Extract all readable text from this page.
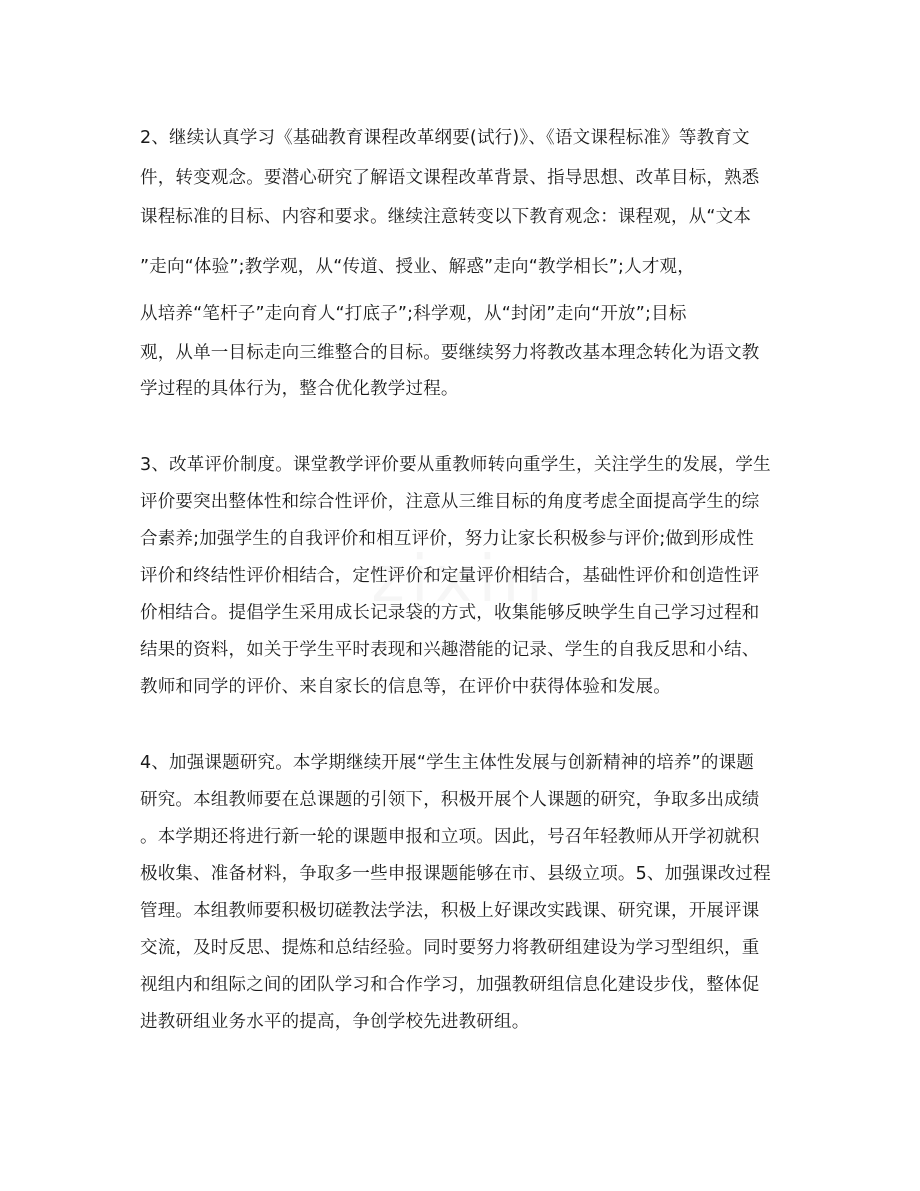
2、继续认真学习《基础教育课程改革纲要(试行)》、《语文课程标准》等教育文
件，转变观念。要潜心研究了解语文课程改革背景、指导思想、改革目标，熟悉
课程标准的目标、内容和要求。继续注意转变以下教育观念：课程观，从“文本
”走向“体验”;教学观，从“传道、授业、解惑”走向“教学相长”;人才观，
从培养“笔杆子”走向育人“打底子”;科学观，从“封闭”走向“开放”;目标
观，从单一目标走向三维整合的目标。要继续努力将教改基本理念转化为语文教
学过程的具体行为，整合优化教学过程。
3、改革评价制度。课堂教学评价要从重教师转向重学生，关注学生的发展，学生
评价要突出整体性和综合性评价，注意从三维目标的角度考虑全面提高学生的综
合素养;加强学生的自我评价和相互评价，努力让家长积极参与评价;做到形成性
评价和终结性评价相结合，定性评价和定量评价相结合，基础性评价和创造性评
价相结合。提倡学生采用成长记录袋的方式，收集能够反映学生自己学习过程和
结果的资料，如关于学生平时表现和兴趣潜能的记录、学生的自我反思和小结、
教师和同学的评价、来自家长的信息等，在评价中获得体验和发展。
4、加强课题研究。本学期继续开展“学生主体性发展与创新精神的培养”的课题
研究。本组教师要在总课题的引领下，积极开展个人课题的研究，争取多出成绩
。本学期还将进行新一轮的课题申报和立项。因此，号召年轻教师从开学初就积
极收集、准备材料，争取多一些申报课题能够在市、县级立项。5、加强课改过程
管理。本组教师要积极切磋教法学法，积极上好课改实践课、研究课，开展评课
交流，及时反思、提炼和总结经验。同时要努力将教研组建设为学习型组织，重
视组内和组际之间的团队学习和合作学习，加强教研组信息化建设步伐，整体促
进教研组业务水平的提高，争创学校先进教研组。
